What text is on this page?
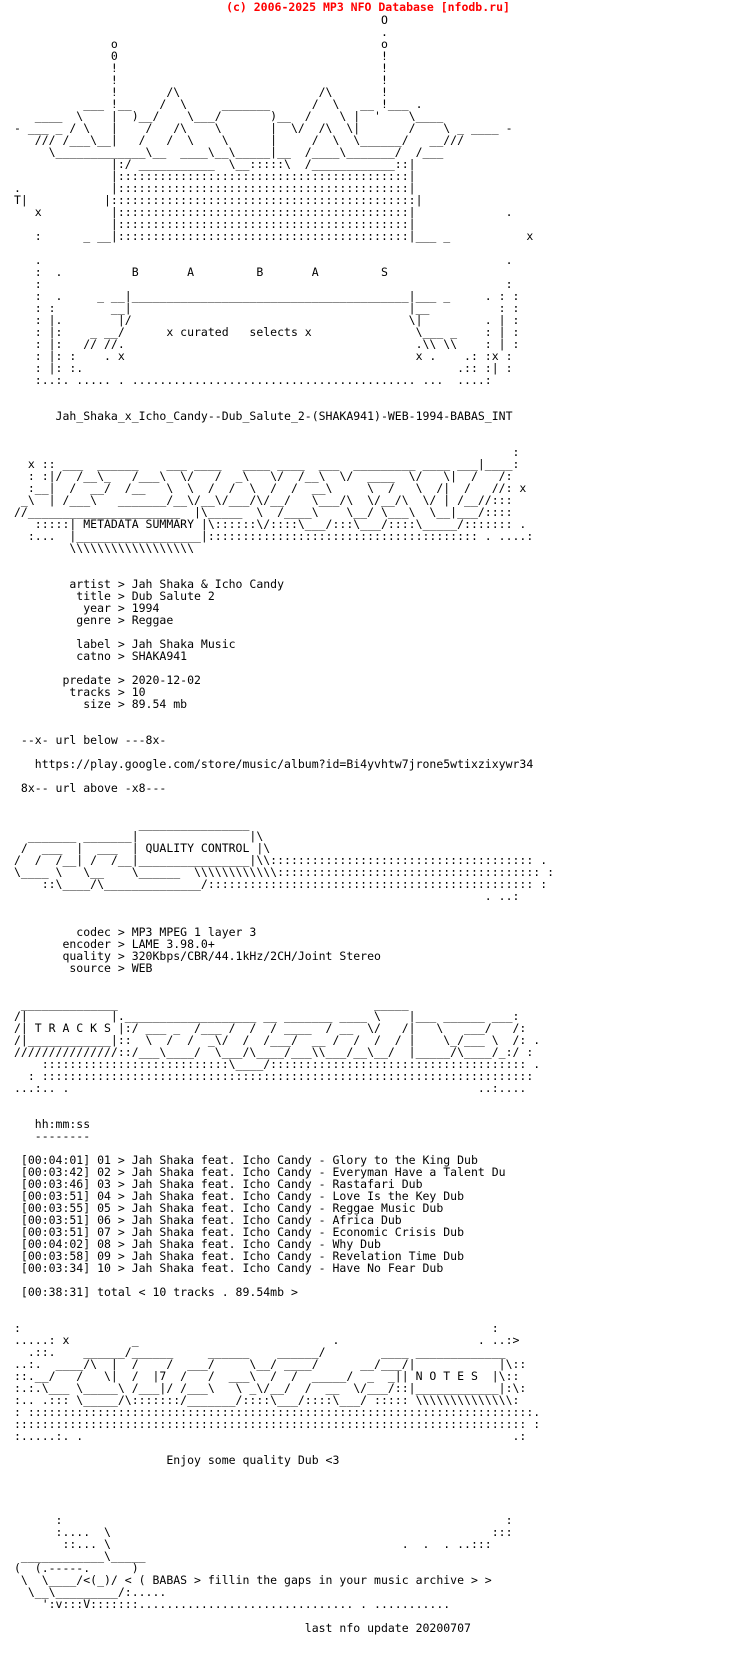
(c) 2006-2025 MP3 NFO Database [nfodb.ru]
O
.
o                                      o
0                                      !
!                                      !
!                                      !
!       /\                    /\       !
___ !__    /  \     _______      /  \   __ !___ .
____  \    |  )__/    \___/       )__  /    \ |  '    \____
- ___ _ / \   |    /   /\    \       |  \/  /\  \|       /    \ _ ____ -
/// /___\__|   /   /  \    \      |     /  \  \______/   __///
\_____________\__  ____\__\_____|__  /____\_______/  /___
|:/ ___________  \__:::::\  /____________::|
|::::::::::::::::::::::::::::::::::::::::::|
.             |::::::::::::::::::::::::::::::::::::::::::|
T|           |::::::::::::::::::::::::::::::::::::::::::::|
x          |::::::::::::::::::::::::::::::::::::::::::|             .
|::::::::::::::::::::::::::::::::::::::::::|
:      _ __|::::::::::::::::::::::::::::::::::::::::::|___ _           x

.                                                                   .
:  .          B       A         B       A         S
:                                                                   :
:  .     _ __|________________________________________|___ _     . : :
: :        __|                                        |__          : :
: |.        |/                                        \|         . | :
: |:    _ __/      x curated   selects x               \___ _    : | :
: |:   // //.                                          .\\ \\    : | :
: |: :    . x                                          x .    .: :x :
: |: :.                                                      .:: :| :
:..:. ..... . ......................................... ...  ....:

Jah_Shaka_x_Icho_Candy--Dub_Salute_2-(SHAKA941)-WEB-1994-BABAS_INT

:
x :: ___  ______    ___ ____   ____ ____  ___  _________ ____ ___|____:
: :|/  /__\_   /___\  \/   /  _\   \/  /__\  \/  ____  \/   \|  /   /:
:__|  /  __/  /__   \  \  /  /  \  /  /  __\     \  /   \  /|  /   //: x
_\  | /___\   _______/__\/__\/___/\/__/   \___/\  \/__/\  \/ | /__//:::
//______________________  |\_____  \  /____\    \__/ \___\  \__|___/::::
:::::| METADATA SUMMARY |\::::::\/::::\___/:::\___/::::\_____/::::::: .
:...  |__________________|::::::::::::::::::::::::::::::::::::::: . ....:
\\\\\\\\\\\\\\\\\\

artist > Jah Shaka & Icho Candy
title > Dub Salute 2
year > 1994
genre > Reggae

label > Jah Shaka Music
catno > SHAKA941

predate > 2020-12-02
tracks > 10
size > 89.54 mb

--x- url below ---8x-

https://play.google.com/store/music/album?id=Bi4yvhtw7jrone5wtixzixywr34

8x-- url above -x8---

________________
_______ _______|                |\
/  ___  |  ___  | QUALITY CONTROL |\
/  /  /__| /  /__|________________|\\:::::::::::::::::::::::::::::::::::::: .
\____ \   \__    \______  \\\\\\\\\\\\:::::::::::::::::::::::::::::::::::::: :
::\____/\______________/::::::::::::::::::::::::::::::::::::::::::::::: :
. ..:

codec > MP3 MPEG 1 layer 3
encoder > LAME 3.98.0+
quality > 320Kbps/CBR/44.1kHz/2CH/Joint Stereo
source > WEB

______________                                     _____
/|            |.___________________ __ _______ ____ \    |___ ______ ___:
/| T R A C K S |:/ ___ _  /___ /  /  / ____  / __  \/   /|   \   ___/   /:
/|____________|::  \  /  /  _\/  /  /___/  __ /  /  /  / |    \_/___ \  /: .
///////////////::/___\____/  \___/\____/___\\___/__\__/  |_____/\____/_:/ :
:::::::::::::::::::::::::::\____/::::::::::::::::::::::::::::::::::::: .
: :::::::::::::::::::::::::::::::::::::::::::::::::::::::::::::::::::::::
...:.. .                                                           ..:....

hh:mm:ss
--------

[00:04:01] 01 > Jah Shaka feat. Icho Candy - Glory to the King Dub
[00:03:42] 02 > Jah Shaka feat. Icho Candy - Everyman Have a Talent Du
[00:03:46] 03 > Jah Shaka feat. Icho Candy - Rastafari Dub
[00:03:51] 04 > Jah Shaka feat. Icho Candy - Love Is the Key Dub
[00:03:55] 05 > Jah Shaka feat. Icho Candy - Reggae Music Dub
[00:03:51] 06 > Jah Shaka feat. Icho Candy - Africa Dub
[00:03:51] 07 > Jah Shaka feat. Icho Candy - Economic Crisis Dub
[00:04:02] 08 > Jah Shaka feat. Icho Candy - Why Dub
[00:03:58] 09 > Jah Shaka feat. Icho Candy - Revelation Time Dub
[00:03:34] 10 > Jah Shaka feat. Icho Candy - Have No Fear Dub

[00:38:31] total < 10 tracks . 89.54mb >

:                                                                    :
.....: x         _                            .                    . ..:>
.::.    ______/______     ______    ______/        ____ _____________
..:.  ____/\  |  /    /  ___/     \__/ ____/      __/___/|            |\::
::.__/   /   \|  /  |7  /   /  ___\  /  /  _____/  _  _|| N O T E S  |\::
:.:.\___ \_____\ /___|/ /___\   \ _\/__/  /  __  \/___/::|____________|:\:
:.. .::: \_____/\:::::::/_______/::::\___/::::\___/ ::::: \\\\\\\\\\\\\\:
: :::::::::::::::::::::::::::::::::::::::::::::::::::::::::::::::::::::::::.
:::::::::::::::::::::::::::::::::::::::::::::::::::::::::::::::::::::::::: :
:.....:. .                                                              .:

Enjoy some quality Dub <3

:                                                                :
:....  \                                                       :::
::... \                                          .  .  . ..:::
____________\_____
(  (.-----.      )
\  \____/<(_)/ < ( BABAS > fillin the gaps in your music archive > >
\__\_________/:.....
':v:::V:::::::............................... . ...........

last nfo update 20200707
